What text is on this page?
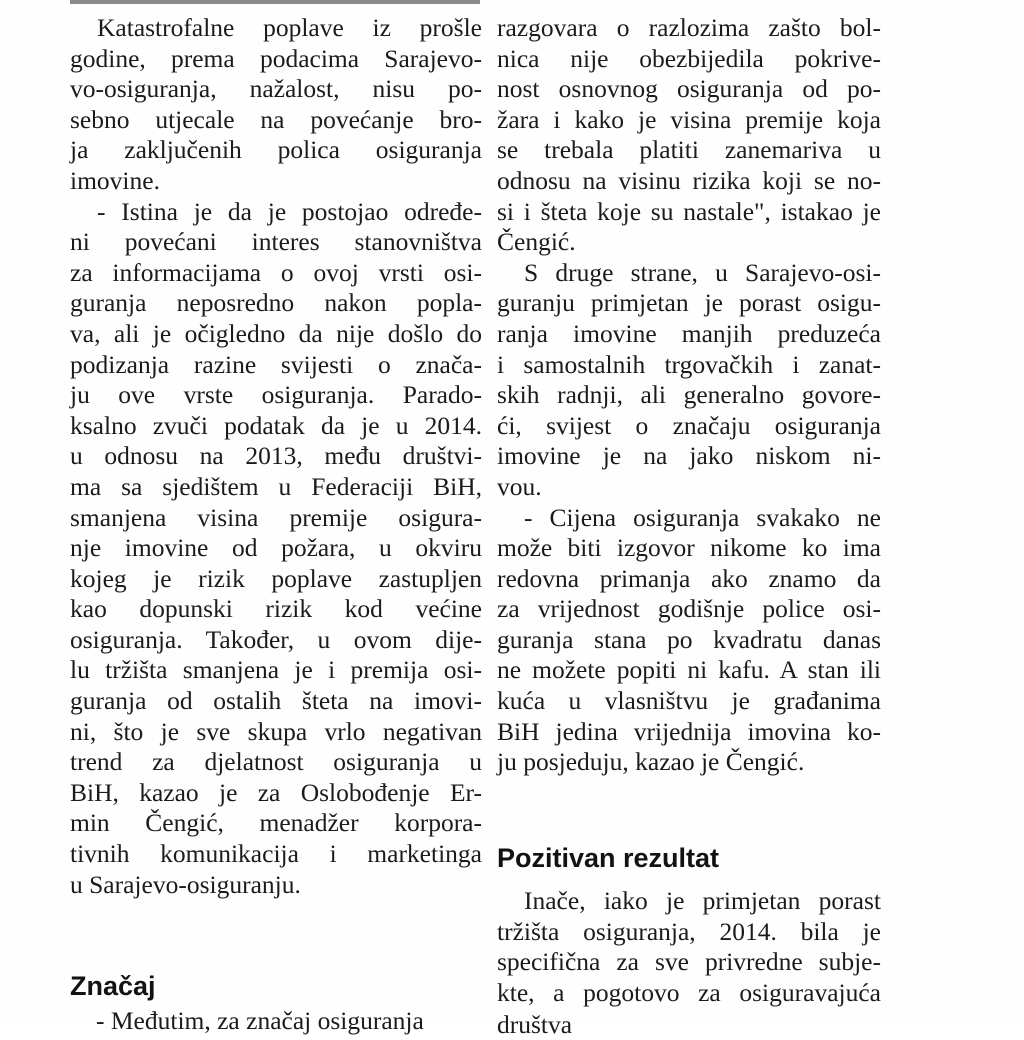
Katastrofalne poplave iz prošle
godine, prema podacima Sarajevo-
vo-osiguranja, nažalost, nisu po-
sebno utjecale na povećanje bro-
ja zaključenih polica osiguranja
imovine.
- Istina je da je postojao određe-
ni povećani interes stanovništva
za informacijama o ovoj vrsti osi-
guranja neposredno nakon popla-
va, ali je očigledno da nije došlo do
podizanja razine svijesti o znača-
ju ove vrste osiguranja. Parado-
ksalno zvuči podatak da je u 2014.
u odnosu na 2013, među društvi-
ma sa sjedištem u Federaciji BiH,
smanjena visina premije osigura-
nje imovine od požara, u okviru
kojeg je rizik poplave zastupljen
kao dopunski rizik kod većine
osiguranja. Također, u ovom dije-
lu tržišta smanjena je i premija osi-
guranja od ostalih šteta na imovi-
ni, što je sve skupa vrlo negativan
trend za djelatnost osiguranja u
BiH, kazao je za Oslobođenje Er-
min Čengić, menadžer korpora-
tivnih komunikacija i marketinga
u Sarajevo-osiguranju.
Značaj
- Međutim, za značaj osiguranja
razgovara o razlozima zašto bol-
nica nije obezbijedila pokrive-
nost osnovnog osiguranja od po-
žara i kako je visina premije koja
se trebala platiti zanemariva u
odnosu na visinu rizika koji se no-
si i šteta koje su nastale", istakao je
Čengić.
S druge strane, u Sarajevo-osi-
guranju primjetan je porast osigu-
ranja imovine manjih preduzeća
i samostalnih trgovačkih i zanat-
skih radnji, ali generalno govore-
ći, svijest o značaju osiguranja
imovine je na jako niskom ni-
vou.
- Cijena osiguranja svakako ne
može biti izgovor nikome ko ima
redovna primanja ako znamo da
za vrijednost godišnje police osi-
guranja stana po kvadratu danas
ne možete popiti ni kafu. A stan ili
kuća u vlasništvu je građanima
BiH jedina vrijednija imovina ko-
ju posjeduju, kazao je Čengić.
Pozitivan rezultat
Inače, iako je primjetan porast
tržišta osiguranja, 2014. bila je
specifična za sve privredne subje-
kte, a pogotovo za osiguravajuća
društva
